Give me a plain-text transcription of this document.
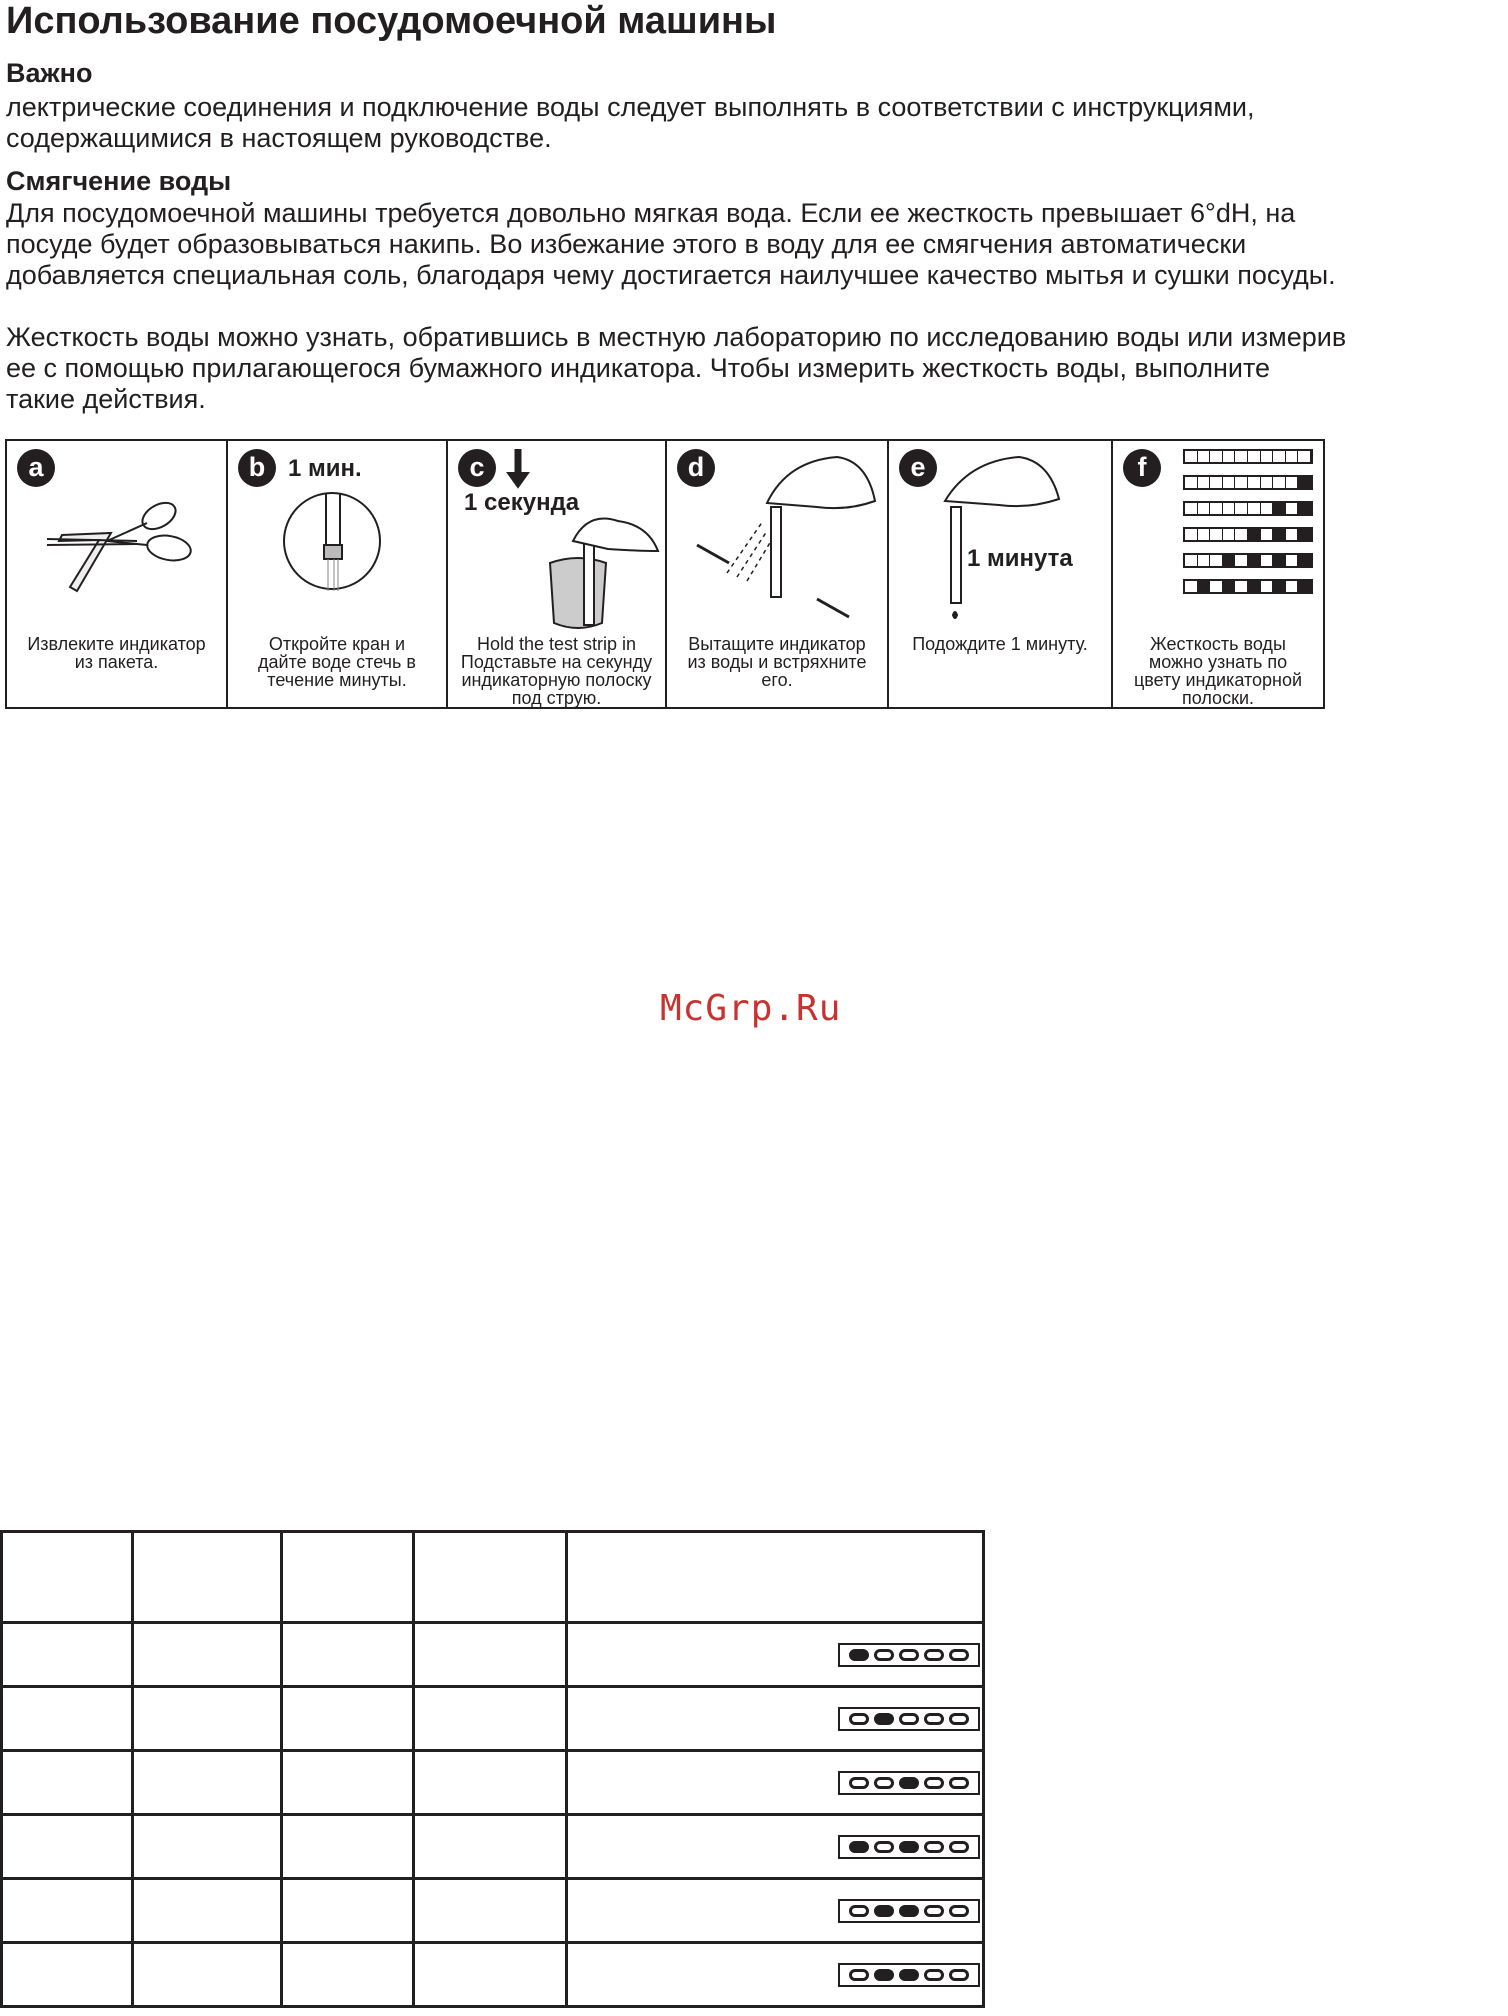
Использование посудомоечной машины
Важно

лектрические соединения и подключение воды следует выполнять в соответствии с инструкциями,

содержащимися в настоящем руководстве.

Смягчение воды

Для посудомоечной машины требуется довольно мягкая вода. Если ее жесткость превышает 6°dH, на

посуде будет образовываться накипь. Во избежание этого в воду для ее смягчения автоматически

добавляется специальная соль, благодаря чему достигается наилучшее качество мытья и сушки посуды.

Жесткость воды можно узнать, обратившись в местную лабораторию по исследованию воды или измерив

ее с помощью прилагающегося бумажного индикатора. Чтобы измерить жесткость воды, выполните

такие действия.

a
Извлеките индикатор
из пакета.
b 1 мин.
Откройте кран и
дайте воде стечь в
течение минуты.
c
1 секунда
Hold the test strip in
Подставьте на секунду
индикаторную полоску
под струю.
d
Вытащите индикатор
из воды и встряхните
его.
e
1 минута
Подождите 1 минуту.
f
Жесткость воды
можно узнать по
цвету индикаторной
полоски.
McGrp.Ru
